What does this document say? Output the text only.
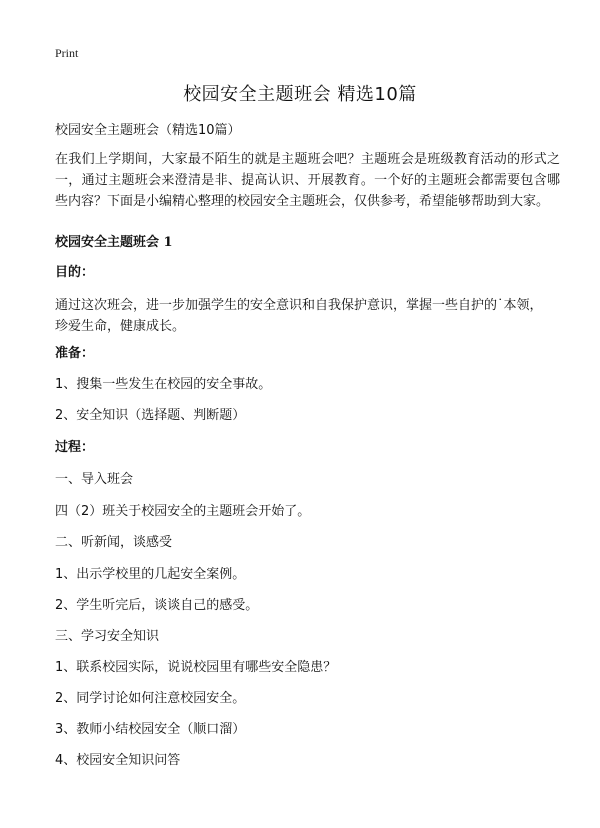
Print
校园安全主题班会 精选10篇
校园安全主题班会（精选10篇）
在我们上学期间，大家最不陌生的就是主题班会吧？主题班会是班级教育活动的形式之一，通过主题班会来澄清是非、提高认识、开展教育。一个好的主题班会都需要包含哪些内容？下面是小编精心整理的校园安全主题班会，仅供参考，希望能够帮助到大家。
校园安全主题班会 1
目的：
通过这次班会，进一步加强学生的安全意识和自我保护意识，掌握一些自护的˙本领，珍爱生命，健康成长。
准备：
1、搜集一些发生在校园的安全事故。
2、安全知识（选择题、判断题）
过程：
一、导入班会
四（2）班关于校园安全的主题班会开始了。
二、听新闻，谈感受
1、出示学校里的几起安全案例。
2、学生听完后，谈谈自己的感受。
三、学习安全知识
1、联系校园实际，说说校园里有哪些安全隐患？
2、同学讨论如何注意校园安全。
3、教师小结校园安全（顺口溜）
4、校园安全知识问答
